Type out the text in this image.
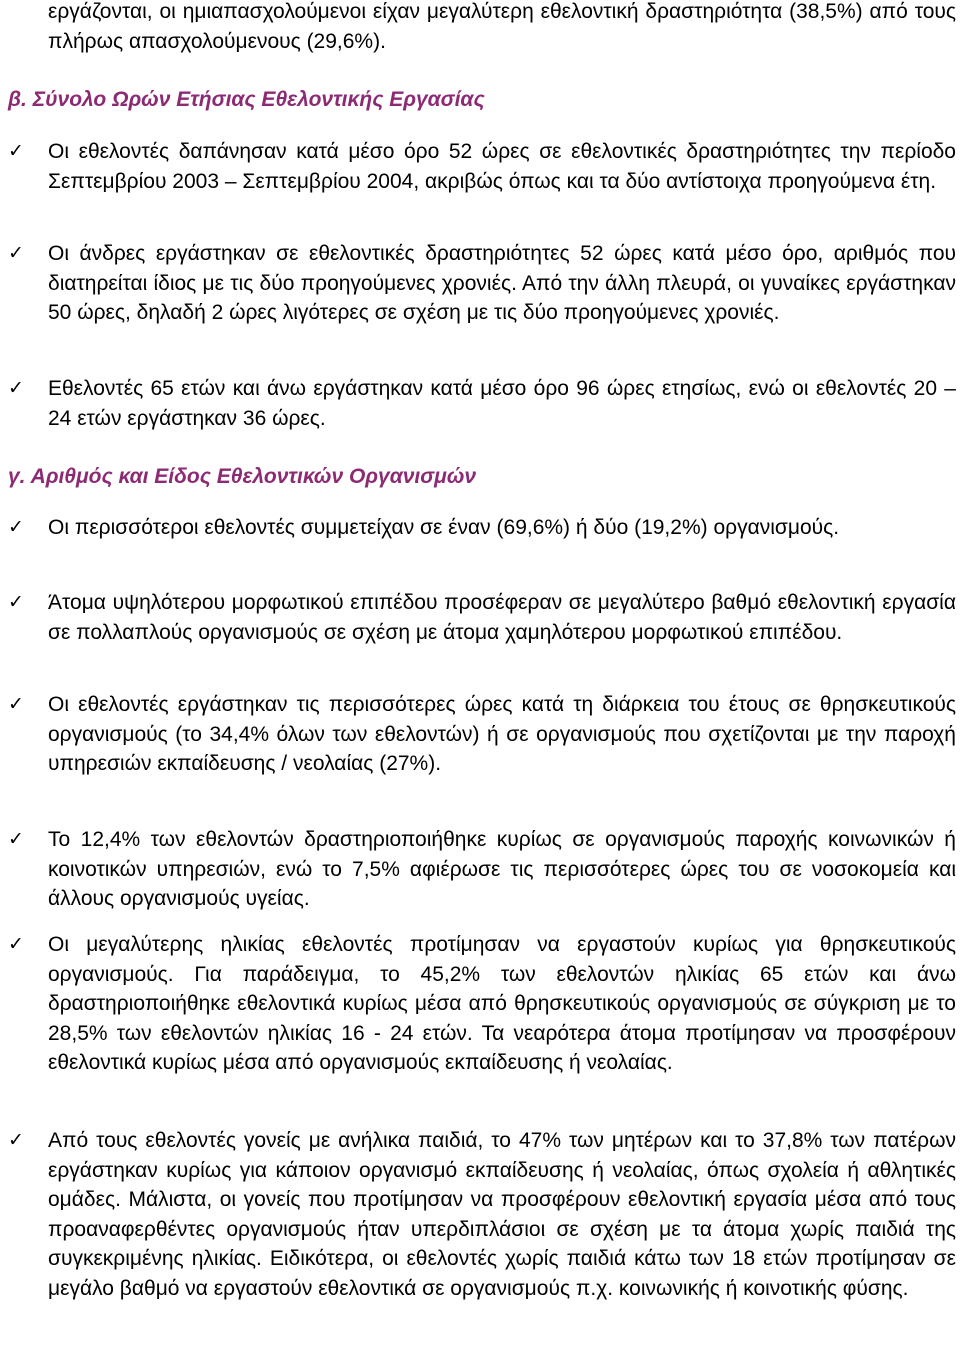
εργάζονται, οι ημιαπασχολούμενοι είχαν μεγαλύτερη εθελοντική δραστηριότητα (38,5%) από τους πλήρως απασχολούμενους (29,6%).

β. Σύνολο Ωρών Ετήσιας Εθελοντικής Εργασίας
✓	Οι εθελοντές δαπάνησαν κατά μέσο όρο 52 ώρες σε εθελοντικές δραστηριότητες την περίοδο Σεπτεμβρίου 2003 – Σεπτεμβρίου 2004, ακριβώς όπως και τα δύο αντίστοιχα προηγούμενα έτη.

✓	Οι άνδρες εργάστηκαν σε εθελοντικές δραστηριότητες 52 ώρες κατά μέσο όρο, αριθμός που διατηρείται ίδιος με τις δύο προηγούμενες χρονιές. Από την άλλη πλευρά, οι γυναίκες εργάστηκαν 50 ώρες, δηλαδή 2 ώρες λιγότερες σε σχέση με τις δύο προηγούμενες χρονιές.

✓	Εθελοντές 65 ετών και άνω εργάστηκαν κατά μέσο όρο 96 ώρες ετησίως, ενώ οι εθελοντές 20 – 24 ετών εργάστηκαν 36 ώρες.

γ. Αριθμός και Είδος Εθελοντικών Οργανισμών
✓	Οι περισσότεροι εθελοντές συμμετείχαν σε έναν (69,6%) ή δύο (19,2%) οργανισμούς.

✓	Άτομα υψηλότερου μορφωτικού επιπέδου προσέφεραν σε μεγαλύτερο βαθμό εθελοντική εργασία σε πολλαπλούς οργανισμούς σε σχέση με άτομα χαμηλότερου μορφωτικού επιπέδου.

✓	Οι εθελοντές εργάστηκαν τις περισσότερες ώρες κατά τη διάρκεια του έτους σε θρησκευτικούς οργανισμούς (το 34,4% όλων των εθελοντών) ή σε οργανισμούς που σχετίζονται με την παροχή υπηρεσιών εκπαίδευσης / νεολαίας (27%).

✓	Το 12,4% των εθελοντών δραστηριοποιήθηκε κυρίως σε οργανισμούς παροχής κοινωνικών ή κοινοτικών υπηρεσιών, ενώ το 7,5% αφιέρωσε τις περισσότερες ώρες του σε νοσοκομεία και άλλους οργανισμούς υγείας.

✓	Οι μεγαλύτερης ηλικίας εθελοντές προτίμησαν να εργαστούν κυρίως για θρησκευτικούς οργανισμούς. Για παράδειγμα, το 45,2% των εθελοντών ηλικίας 65 ετών και άνω δραστηριοποιήθηκε εθελοντικά κυρίως μέσα από θρησκευτικούς οργανισμούς σε σύγκριση με το 28,5% των εθελοντών ηλικίας 16 - 24 ετών. Τα νεαρότερα άτομα προτίμησαν να προσφέρουν εθελοντικά κυρίως μέσα από οργανισμούς εκπαίδευσης ή νεολαίας.

✓	Από τους εθελοντές γονείς με ανήλικα παιδιά, το 47% των μητέρων και το 37,8% των πατέρων εργάστηκαν κυρίως για κάποιον οργανισμό εκπαίδευσης ή νεολαίας, όπως σχολεία ή αθλητικές ομάδες. Μάλιστα, οι γονείς που προτίμησαν να προσφέρουν εθελοντική εργασία μέσα από τους προαναφερθέντες οργανισμούς ήταν υπερδιπλάσιοι σε σχέση με τα άτομα χωρίς παιδιά της συγκεκριμένης ηλικίας. Ειδικότερα, οι εθελοντές χωρίς παιδιά κάτω των 18 ετών προτίμησαν σε μεγάλο βαθμό να εργαστούν εθελοντικά σε οργανισμούς π.χ. κοινωνικής ή κοινοτικής φύσης.
